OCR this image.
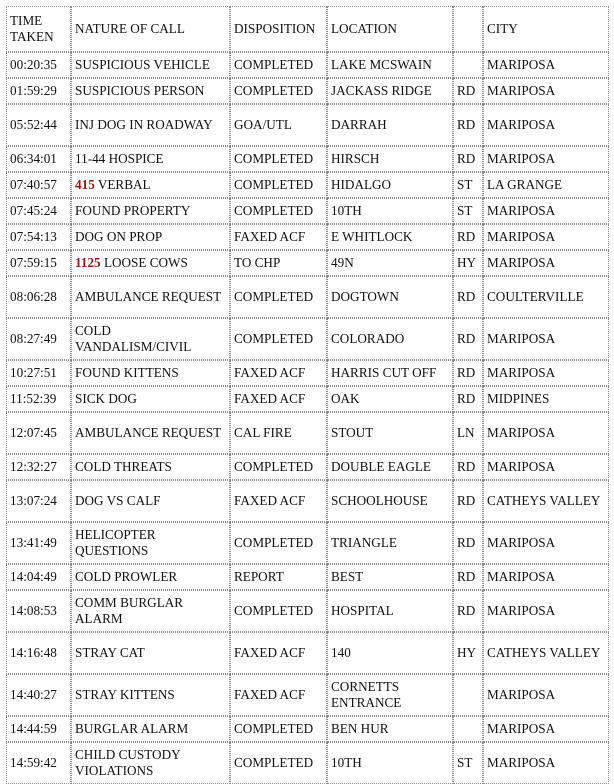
TIME TAKEN	NATURE OF CALL	DISPOSITION	LOCATION		CITY
00:20:35	SUSPICIOUS VEHICLE	COMPLETED	LAKE MCSWAIN		MARIPOSA
01:59:29	SUSPICIOUS PERSON	COMPLETED	JACKASS RIDGE	RD	MARIPOSA
05:52:44	INJ DOG IN ROADWAY	GOA/UTL	DARRAH	RD	MARIPOSA
06:34:01	11-44 HOSPICE	COMPLETED	HIRSCH	RD	MARIPOSA
07:40:57	415 VERBAL	COMPLETED	HIDALGO	ST	LA GRANGE
07:45:24	FOUND PROPERTY	COMPLETED	10TH	ST	MARIPOSA
07:54:13	DOG ON PROP	FAXED ACF	E WHITLOCK	RD	MARIPOSA
07:59:15	1125 LOOSE COWS	TO CHP	49N	HY	MARIPOSA
08:06:28	AMBULANCE REQUEST	COMPLETED	DOGTOWN	RD	COULTERVILLE
08:27:49	COLD VANDALISM/CIVIL	COMPLETED	COLORADO	RD	MARIPOSA
10:27:51	FOUND KITTENS	FAXED ACF	HARRIS CUT OFF	RD	MARIPOSA
11:52:39	SICK DOG	FAXED ACF	OAK	RD	MIDPINES
12:07:45	AMBULANCE REQUEST	CAL FIRE	STOUT	LN	MARIPOSA
12:32:27	COLD THREATS	COMPLETED	DOUBLE EAGLE	RD	MARIPOSA
13:07:24	DOG VS CALF	FAXED ACF	SCHOOLHOUSE	RD	CATHEYS VALLEY
13:41:49	HELICOPTER QUESTIONS	COMPLETED	TRIANGLE	RD	MARIPOSA
14:04:49	COLD PROWLER	REPORT	BEST	RD	MARIPOSA
14:08:53	COMM BURGLAR ALARM	COMPLETED	HOSPITAL	RD	MARIPOSA
14:16:48	STRAY CAT	FAXED ACF	140	HY	CATHEYS VALLEY
14:40:27	STRAY KITTENS	FAXED ACF	CORNETTS ENTRANCE		MARIPOSA
14:44:59	BURGLAR ALARM	COMPLETED	BEN HUR		MARIPOSA
14:59:42	CHILD CUSTODY VIOLATIONS	COMPLETED	10TH	ST	MARIPOSA
